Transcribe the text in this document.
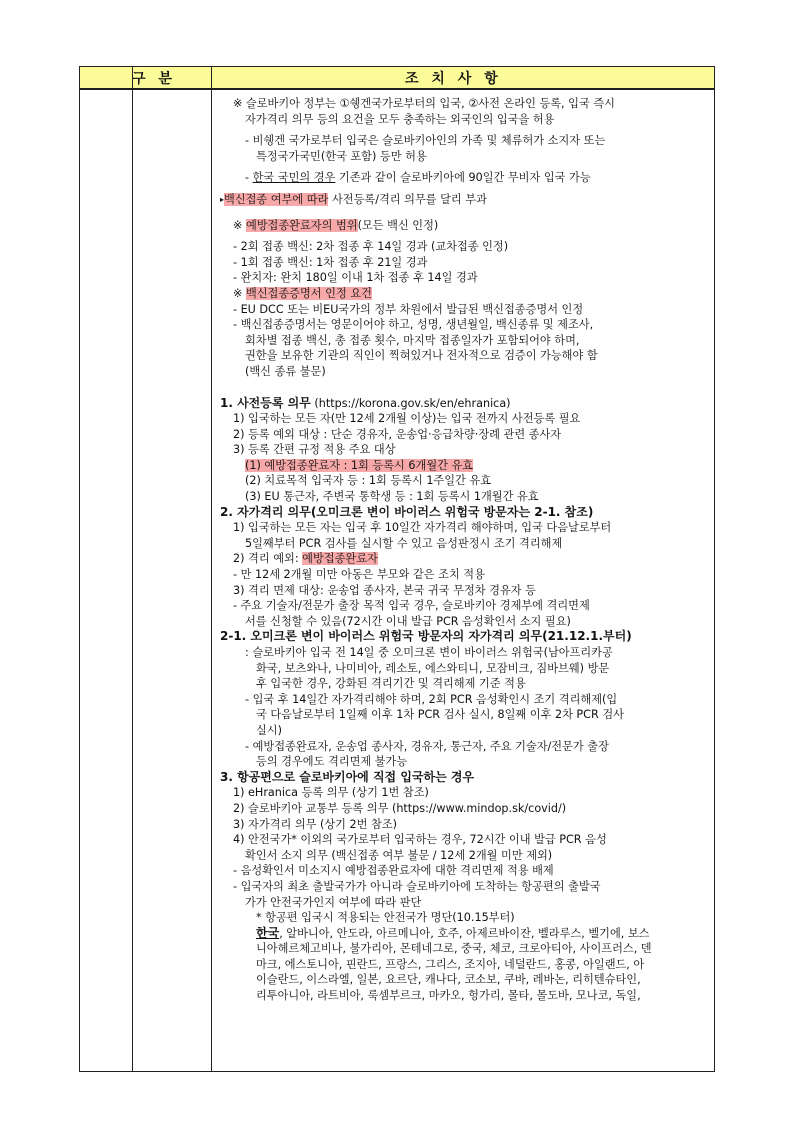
구 분	조 치 사 항
※ 슬로바키아 정부는 ①쉥겐국가로부터의 입국, ②사전 온라인 등록, 입국 즉시
자가격리 의무 등의 요건을 모두 충족하는 외국인의 입국을 허용
- 비쉥겐 국가로부터 입국은 슬로바키아인의 가족 및 체류허가 소지자 또는
특정국가국민(한국 포함) 등만 허용
- 한국 국민의 경우 기존과 같이 슬로바키아에 90일간 무비자 입국 가능
▸백신접종 여부에 따라 사전등록/격리 의무를 달리 부과
※ 예방접종완료자의 범위(모든 백신 인정)
- 2회 접종 백신: 2차 접종 후 14일 경과 (교차접종 인정)
- 1회 접종 백신: 1차 접종 후 21일 경과
- 완치자: 완치 180일 이내 1차 접종 후 14일 경과
※ 백신접종증명서 인정 요건
- EU DCC 또는 비EU국가의 정부 차원에서 발급된 백신접종증명서 인정
- 백신접종증명서는 영문이어야 하고, 성명, 생년월일, 백신종류 및 제조사,
회차별 접종 백신, 총 접종 횟수, 마지막 접종일자가 포함되어야 하며,
권한을 보유한 기관의 직인이 찍혀있거나 전자적으로 검증이 가능해야 함
(백신 종류 불문)
1. 사전등록 의무 (https://korona.gov.sk/en/ehranica)
1) 입국하는 모든 자(만 12세 2개월 이상)는 입국 전까지 사전등록 필요
2) 등록 예외 대상 : 단순 경유자, 운송업·응급차량·장례 관련 종사자
3) 등록 간편 규정 적용 주요 대상
(1) 예방접종완료자 : 1회 등록시 6개월간 유효
(2) 치료목적 입국자 등 : 1회 등록시 1주일간 유효
(3) EU 통근자, 주변국 통학생 등 : 1회 등록시 1개월간 유효
2. 자가격리 의무(오미크론 변이 바이러스 위험국 방문자는 2-1. 참조)
1) 입국하는 모든 자는 입국 후 10일간 자가격리 해야하며, 입국 다음날로부터
5일째부터 PCR 검사를 실시할 수 있고 음성판정시 조기 격리해제
2) 격리 예외: 예방접종완료자
- 만 12세 2개월 미만 아동은 부모와 같은 조치 적용
3) 격리 면제 대상: 운송업 종사자, 본국 귀국 무정차 경유자 등
- 주요 기술자/전문가 출장 목적 입국 경우, 슬로바키아 경제부에 격리면제
서를 신청할 수 있음(72시간 이내 발급 PCR 음성확인서 소지 필요)
2-1. 오미크론 변이 바이러스 위험국 방문자의 자가격리 의무(21.12.1.부터)
: 슬로바키아 입국 전 14일 중 오미크론 변이 바이러스 위험국(남아프리카공
화국, 보츠와나, 나미비아, 레소토, 에스와티니, 모잠비크, 짐바브웨) 방문
후 입국한 경우, 강화된 격리기간 및 격리해제 기준 적용
- 입국 후 14일간 자가격리해야 하며, 2회 PCR 음성확인시 조기 격리해제(입
국 다음날로부터 1일째 이후 1차 PCR 검사 실시, 8일째 이후 2차 PCR 검사
실시)
- 예방접종완료자, 운송업 종사자, 경유자, 통근자, 주요 기술자/전문가 출장
등의 경우에도 격리면제 불가능
3. 항공편으로 슬로바키아에 직접 입국하는 경우
1) eHranica 등록 의무 (상기 1번 참조)
2) 슬로바키아 교통부 등록 의무 (https://www.mindop.sk/covid/)
3) 자가격리 의무 (상기 2번 참조)
4) 안전국가* 이외의 국가로부터 입국하는 경우, 72시간 이내 발급 PCR 음성
확인서 소지 의무 (백신접종 여부 불문 / 12세 2개월 미만 제외)
- 음성확인서 미소지시 예방접종완료자에 대한 격리면제 적용 배제
- 입국자의 최초 출발국가가 아니라 슬로바키아에 도착하는 항공편의 출발국
가가 안전국가인지 여부에 따라 판단
* 항공편 입국시 적용되는 안전국가 명단(10.15부터)
한국, 알바니아, 안도라, 아르메니아, 호주, 아제르바이잔, 벨라루스, 벨기에, 보스
니아헤르체고비나, 불가리아, 몬테네그로, 중국, 체코, 크로아티아, 사이프러스, 덴
마크, 에스토니아, 핀란드, 프랑스, 그리스, 조지아, 네덜란드, 홍콩, 아일랜드, 아
이슬란드, 이스라엘, 일본, 요르단, 캐나다, 코소보, 쿠바, 레바논, 리히텐슈타인,
리투아니아, 라트비아, 룩셈부르크, 마카오, 헝가리, 몰타, 몰도바, 모나코, 독일,
